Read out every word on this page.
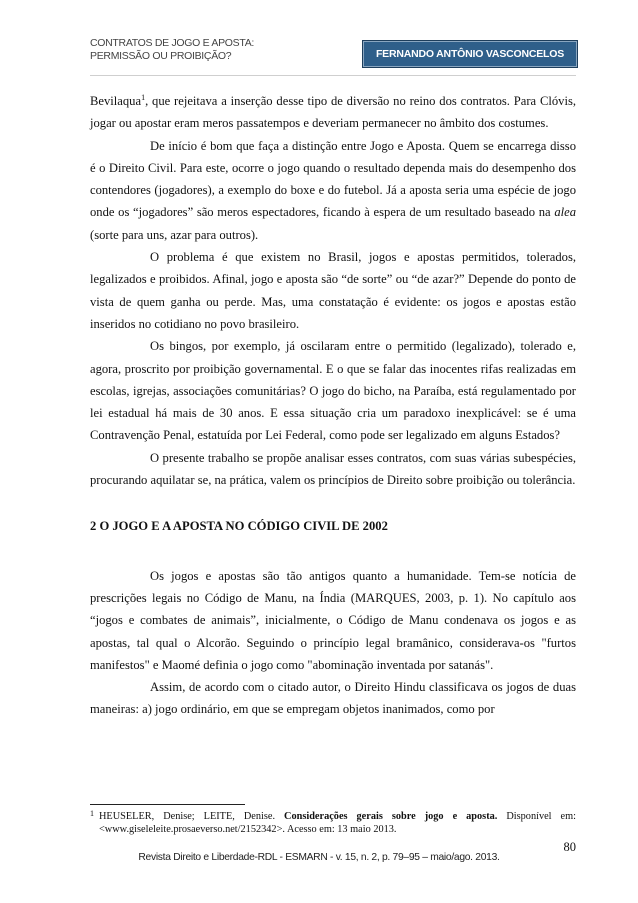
CONTRATOS DE JOGO E APOSTA:
PERMISSÃO OU PROIBIÇÃO?	FERNANDO ANTÔNIO VASCONCELOS

Bevilaqua$^1$, que rejeitava a inserção desse tipo de diversão no reino dos contratos. Para Clóvis, jogar ou apostar eram meros passatempos e deveriam permanecer no âmbito dos costumes.

De início é bom que faça a distinção entre Jogo e Aposta. Quem se encarrega disso é o Direito Civil. Para este, ocorre o jogo quando o resultado dependa mais do desempenho dos contendores (jogadores), a exemplo do boxe e do futebol. Já a aposta seria uma espécie de jogo onde os “jogadores” são meros espectadores, ficando à espera de um resultado baseado na alea (sorte para uns, azar para outros).

O problema é que existem no Brasil, jogos e apostas permitidos, tolerados, legalizados e proibidos. Afinal, jogo e aposta são “de sorte” ou “de azar?” Depende do ponto de vista de quem ganha ou perde. Mas, uma constatação é evidente: os jogos e apostas estão inseridos no cotidiano no povo brasileiro.

Os bingos, por exemplo, já oscilaram entre o permitido (legalizado), tolerado e, agora, proscrito por proibição governamental. E o que se falar das inocentes rifas realizadas em escolas, igrejas, associações comunitárias? O jogo do bicho, na Paraíba, está regulamentado por lei estadual há mais de 30 anos. E essa situação cria um paradoxo inexplicável: se é uma Contravenção Penal, estatuída por Lei Federal, como pode ser legalizado em alguns Estados?

O presente trabalho se propõe analisar esses contratos, com suas várias subespécies, procurando aquilatar se, na prática, valem os princípios de Direito sobre proibição ou tolerância.

2 O JOGO E A APOSTA NO CÓDIGO CIVIL DE 2002

Os jogos e apostas são tão antigos quanto a humanidade. Tem-se notícia de prescrições legais no Código de Manu, na Índia (MARQUES, 2003, p. 1). No capítulo aos “jogos e combates de animais”, inicialmente, o Código de Manu condenava os jogos e as apostas, tal qual o Alcorão. Seguindo o princípio legal bramânico, considerava-os "furtos manifestos" e Maomé definia o jogo como "abominação inventada por satanás".

Assim, de acordo com o citado autor, o Direito Hindu classificava os jogos de duas maneiras: a) jogo ordinário, em que se empregam objetos inanimados, como por

1 HEUSELER, Denise; LEITE, Denise. Considerações gerais sobre jogo e aposta. Disponível em: <www.giseleleite.prosaeverso.net/2152342>. Acesso em: 13 maio 2013.
80
Revista Direito e Liberdade-RDL - ESMARN - v. 15, n. 2, p. 79–95 – maio/ago. 2013.
